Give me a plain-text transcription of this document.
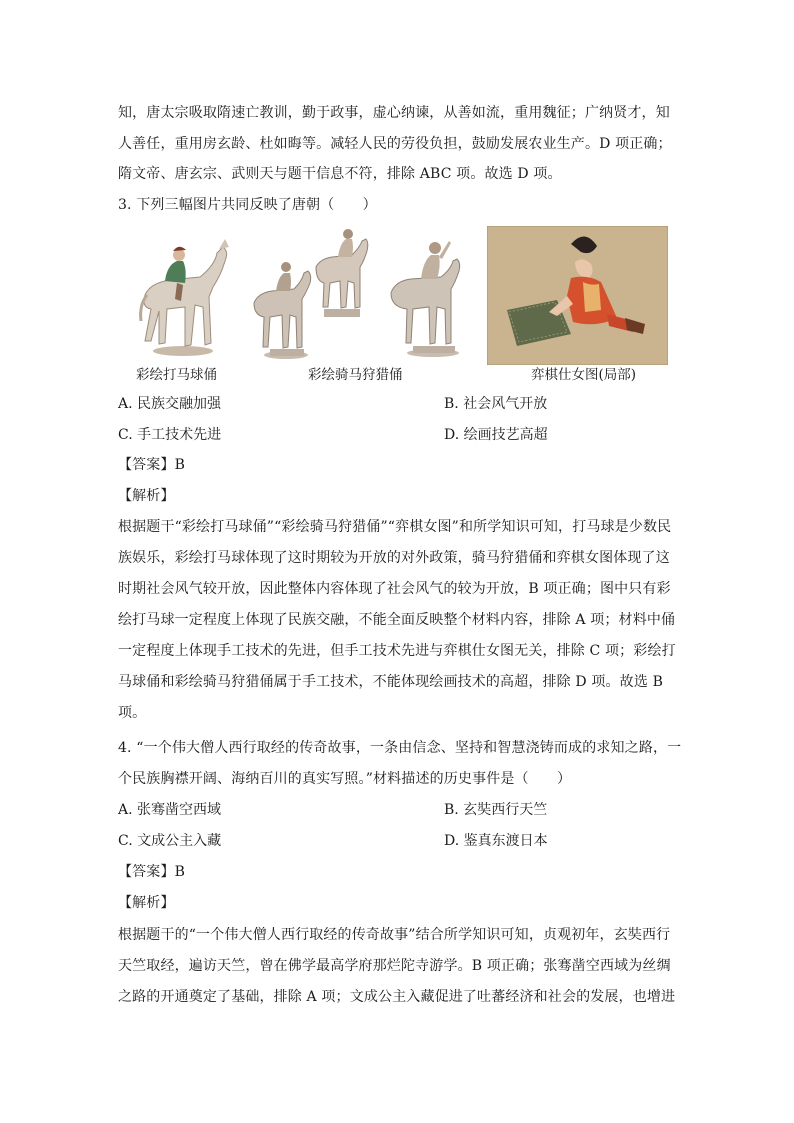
知，唐太宗吸取隋速亡教训，勤于政事，虚心纳谏，从善如流，重用魏征；广纳贤才，知
人善任，重用房玄龄、杜如晦等。减轻人民的劳役负担，鼓励发展农业生产。D 项正确；
隋文帝、唐玄宗、武则天与题干信息不符，排除 ABC 项。故选 D 项。
3. 下列三幅图片共同反映了唐朝（　　）
彩绘打马球俑	彩绘骑马狩猎俑	弈棋仕女图(局部)
A. 民族交融加强	B. 社会风气开放
C. 手工技术先进	D. 绘画技艺高超
【答案】B
【解析】
根据题干“彩绘打马球俑”“彩绘骑马狩猎俑”“弈棋女图”和所学知识可知，打马球是少数民
族娱乐，彩绘打马球体现了这时期较为开放的对外政策，骑马狩猎俑和弈棋女图体现了这
时期社会风气较开放，因此整体内容体现了社会风气的较为开放，B 项正确；图中只有彩
绘打马球一定程度上体现了民族交融，不能全面反映整个材料内容，排除 A 项；材料中俑
一定程度上体现手工技术的先进，但手工技术先进与弈棋仕女图无关，排除 C 项；彩绘打
马球俑和彩绘骑马狩猎俑属于手工技术，不能体现绘画技术的高超，排除 D 项。故选 B
项。
4. “一个伟大僧人西行取经的传奇故事，一条由信念、坚持和智慧浇铸而成的求知之路，一
个民族胸襟开阔、海纳百川的真实写照。”材料描述的历史事件是（　　）
A. 张骞凿空西域	B. 玄奘西行天竺
C. 文成公主入藏	D. 鉴真东渡日本
【答案】B
【解析】
根据题干的“一个伟大僧人西行取经的传奇故事”结合所学知识可知，贞观初年，玄奘西行
天竺取经，遍访天竺，曾在佛学最高学府那烂陀寺游学。B 项正确；张骞凿空西域为丝绸
之路的开通奠定了基础，排除 A 项；文成公主入藏促进了吐蕃经济和社会的发展，也增进
